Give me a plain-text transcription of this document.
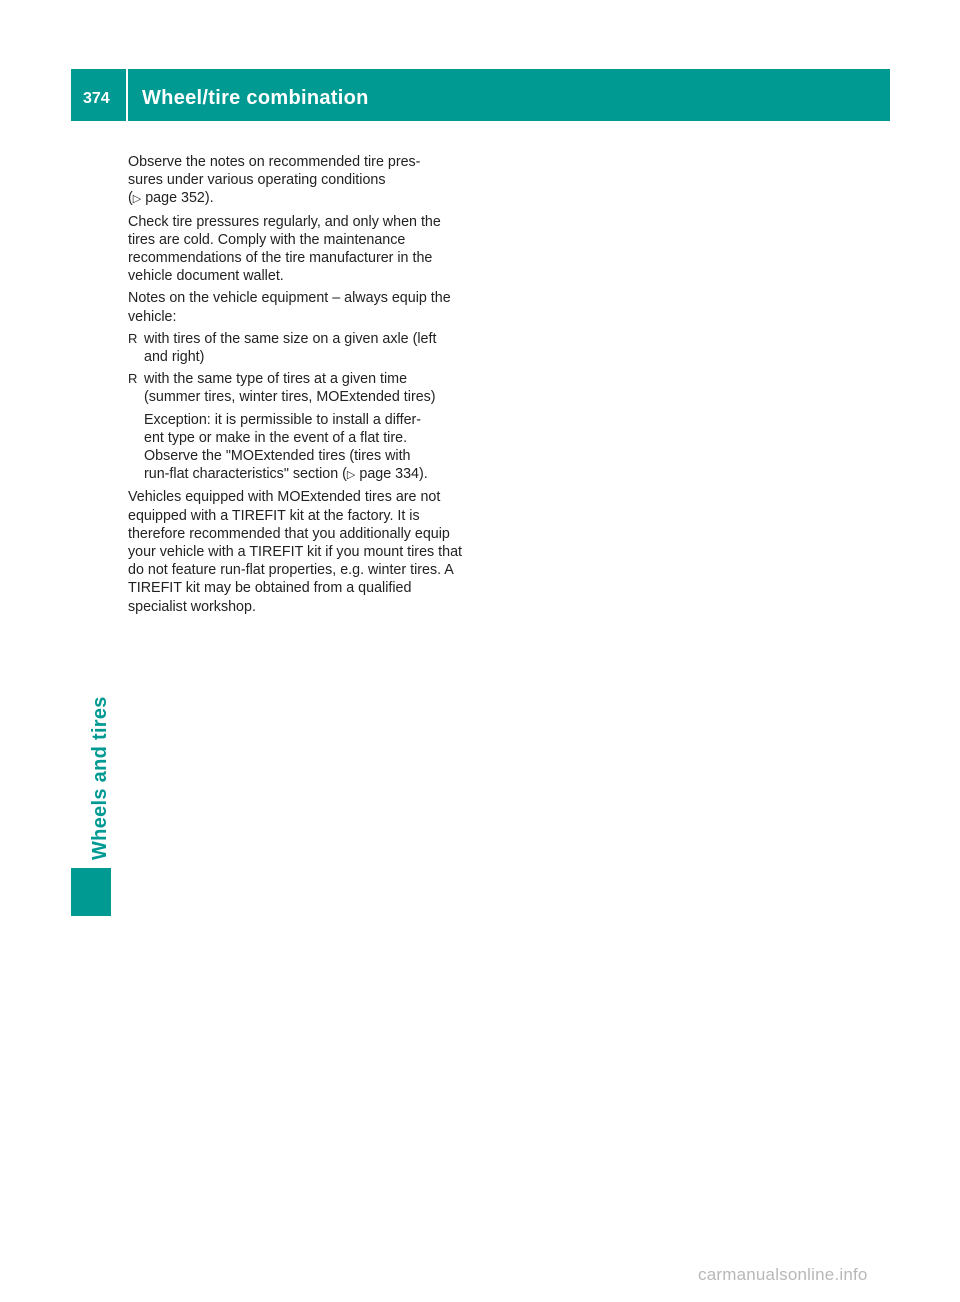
374 Wheel/tire combination
Wheels and tires

Observe the notes on recommended tire pres-
sures under various operating conditions
(▷ page 352).

Check tire pressures regularly, and only when the tires are cold. Comply with the maintenance recommendations of the tire manufacturer in the vehicle document wallet.

Notes on the vehicle equipment – always equip the vehicle:

R with tires of the same size on a given axle (left and right)
R with the same type of tires at a given time (summer tires, winter tires, MOExtended tires)
Exception: it is permissible to install a differ-
ent type or make in the event of a flat tire.
Observe the "MOExtended tires (tires with
run-flat characteristics" section (▷ page 334).

Vehicles equipped with MOExtended tires are not equipped with a TIREFIT kit at the factory. It is therefore recommended that you additionally equip your vehicle with a TIREFIT kit if you mount tires that do not feature run-flat properties, e.g. winter tires. A TIREFIT kit may be obtained from a qualified specialist workshop.

carmanualsonline.info
